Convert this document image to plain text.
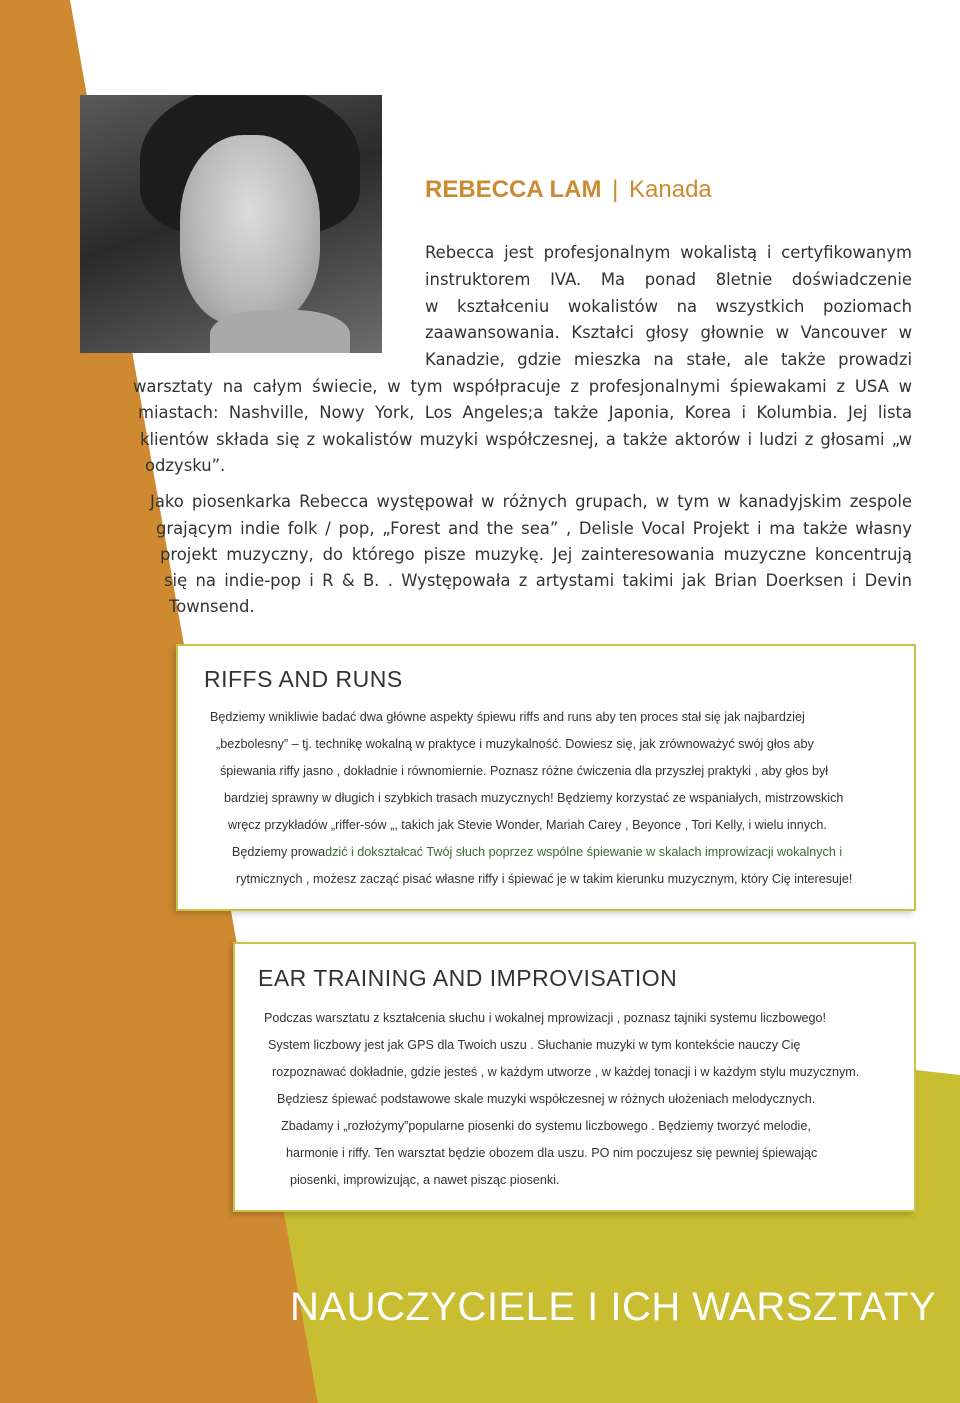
REBECCA LAM | Kanada
Rebecca jest profesjonalnym wokalistą i certyfikowanym
instruktorem IVA. Ma ponad 8letnie doświadczenie
w kształceniu wokalistów na wszystkich poziomach
zaawansowania. Kształci głosy głownie w Vancouver w
Kanadzie, gdzie mieszka na stałe, ale także prowadzi
warsztaty na całym świecie, w tym współpracuje z profesjonalnymi śpiewakami z USA w
miastach: Nashville, Nowy York, Los Angeles;a także Japonia, Korea i Kolumbia. Jej lista
klientów składa się z wokalistów muzyki współczesnej, a także aktorów i ludzi z głosami „w
odzysku”.
Jako piosenkarka Rebecca występował w różnych grupach, w tym w kanadyjskim zespole
grającym indie folk / pop, „Forest and the sea” , Delisle Vocal Projekt i ma także własny
projekt muzyczny, do którego pisze muzykę. Jej zainteresowania muzyczne koncentrują
się na indie-pop i R & B. . Występowała z artystami takimi jak Brian Doerksen i Devin
Townsend.
RIFFS AND RUNS
Będziemy wnikliwie badać dwa główne aspekty śpiewu riffs and runs aby ten proces stał się jak najbardziej
„bezbolesny” – tj. technikę wokalną w praktyce i muzykalność. Dowiesz się, jak zrównoważyć swój głos aby
śpiewania riffy jasno , dokładnie i równomiernie. Poznasz różne ćwiczenia dla przyszłej praktyki , aby głos był
bardziej sprawny w długich i szybkich trasach muzycznych! Będziemy korzystać ze wspaniałych, mistrzowskich
wręcz przykładów „riffer-sów „, takich jak Stevie Wonder, Mariah Carey , Beyonce , Tori Kelly, i wielu innych.
Będziemy prowadzić i dokształcać Twój słuch poprzez wspólne śpiewanie w skalach improwizacji wokalnych i
rytmicznych , możesz zacząć pisać własne riffy i śpiewać je w takim kierunku muzycznym, który Cię interesuje!
EAR TRAINING AND IMPROVISATION
Podczas warsztatu z kształcenia słuchu i wokalnej mprowizacji , poznasz tajniki systemu liczbowego!
System liczbowy jest jak GPS dla Twoich uszu . Słuchanie muzyki w tym kontekście nauczy Cię
rozpoznawać dokładnie, gdzie jesteś , w każdym utworze , w każdej tonacji i w każdym stylu muzycznym.
Będziesz śpiewać podstawowe skale muzyki współczesnej w różnych ułożeniach melodycznych.
Zbadamy i „rozłożymy”popularne piosenki do systemu liczbowego . Będziemy tworzyć melodie,
harmonie i riffy. Ten warsztat będzie obozem dla uszu. PO nim poczujesz się pewniej śpiewając
piosenki, improwizując, a nawet pisząc piosenki.
NAUCZYCIELE I ICH WARSZTATY
